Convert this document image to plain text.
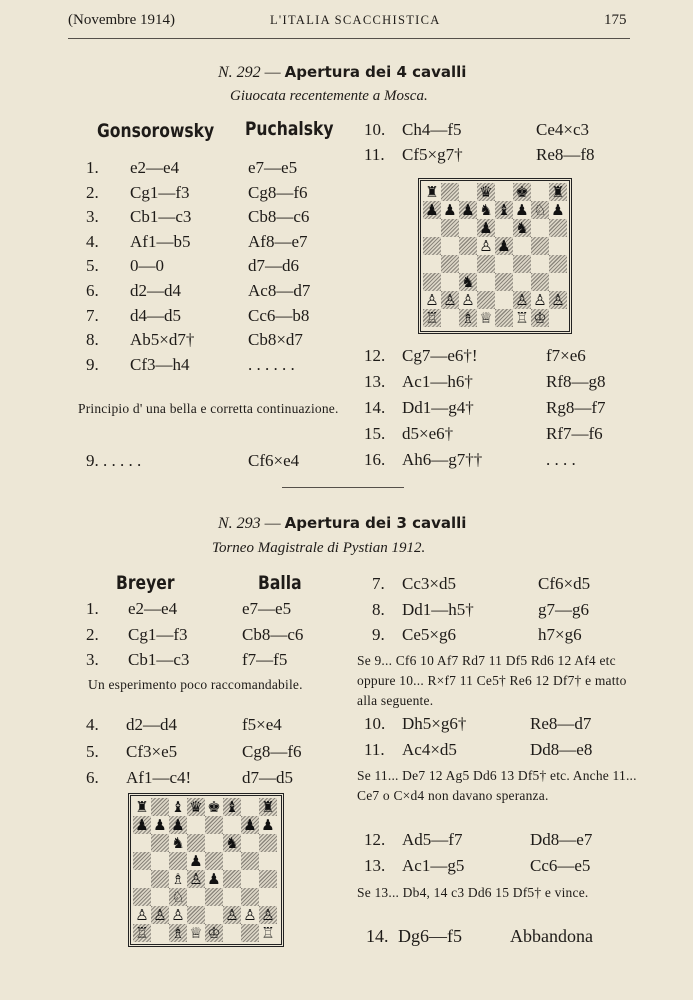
(Novembre 1914)	L'ITALIA SCACCHISTICA	175
N. 292 — Apertura dei 4 cavalli
Giuocata recentemente a Mosca.
Gonsorowsky Puchalsky
1. e2—e4	e7—e5
2. Cg1—f3	Cg8—f6
3. Cb1—c3	Cb8—c6
4. Af1—b5	Af8—e7
5. 0—0	d7—d6
6. d2—d4	Ac8—d7
7. d4—d5	Cc6—b8
8. Ab5×d7†	Cb8×d7
9. Cf3—h4	. . . . . .
Principio d' una bella e corretta continuazione.
9. . . . . .	Cf6×e4
10. Ch4—f5	Ce4×c3
11. Cf5×g7†	Re8—f8
♜	♛ ♚ ♜
♟ ♟ ♟ ♞ ♝ ♟ ♘ ♟
♟ ♞
♙ ♟
♞
♙ ♙ ♙	♙ ♙ ♙
♖ ♗ ♕ ♖ ♔
12. Cg7—e6†!	f7×e6
13. Ac1—h6†	Rf8—g8
14. Dd1—g4†	Rg8—f7
15. d5×e6†	Rf7—f6
16. Ah6—g7††	. . . .
N. 293 — Apertura dei 3 cavalli
Torneo Magistrale di Pystian 1912.
Breyer	Balla
1. e2—e4	e7—e5
2. Cg1—f3	Cb8—c6
3. Cb1—c3	f7—f5
Un esperimento poco raccomandabile.
4. d2—d4	f5×e4
5. Cf3×e5	Cg8—f6
6. Af1—c4!	d7—d5
♜ ♝ ♛ ♚ ♝ ♜
♟ ♟ ♟	♟ ♟
♞	♞
♟
♗ ♙ ♟
♘
♙ ♙ ♙	♙ ♙ ♙
♖ ♗ ♕ ♔	♖
7. Cc3×d5	Cf6×d5
8. Dd1—h5†	g7—g6
9. Ce5×g6	h7×g6
Se 9... Cf6 10 Af7 Rd7 11 Df5 Rd6 12 Af4 etc oppure 10... R×f7 11 Ce5† Re6 12 Df7† e matto alla seguente.
10. Dh5×g6†	Re8—d7
11. Ac4×d5	Dd8—e8
Se 11... De7 12 Ag5 Dd6 13 Df5† etc. Anche 11... Ce7 o C×d4 non davano speranza.
12. Ad5—f7	Dd8—e7
13. Ac1—g5	Cc6—e5
Se 13... Db4, 14 c3 Dd6 15 Df5† e vince.
14. Dg6—f5	Abbandona
